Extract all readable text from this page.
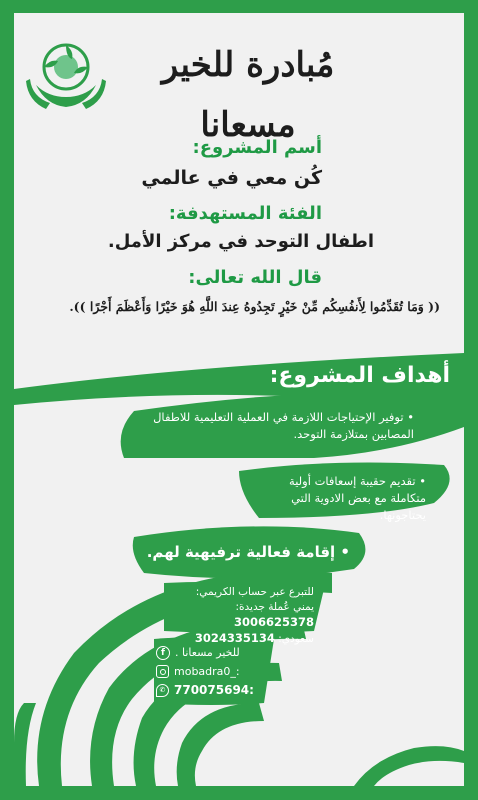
مُبادرة للخير مسعانا
أسم المشروع:
كُن معي في عالمي
الفئة المستهدفة:
اطفال التوحد في مركز الأمل.
قال الله تعالى:
(( وَمَا تُقَدِّمُوا لِأَنفُسِكُم مِّنْ خَيْرٍ تَجِدُوهُ عِندَ اللَّهِ هُوَ خَيْرًا وَأَعْظَمَ أَجْرًا )).
أهداف المشروع:
• توفير الإحتياجات اللازمة في العملية التعليمية للاطفال المصابين بمتلازمة التوحد.
• تقديم حقيبة إسعافات أولية متكاملة مع بعض الادوية التي يحتاجونها.
• إقامة فعالية ترفيهية لهم.
للتبرع عبر حساب الكريمي:
يمني عُملة جديدة: 3006625378
سعودي: 3024335134
f للخير مسعانا .
mobadra0_:
✆ 770075694:
